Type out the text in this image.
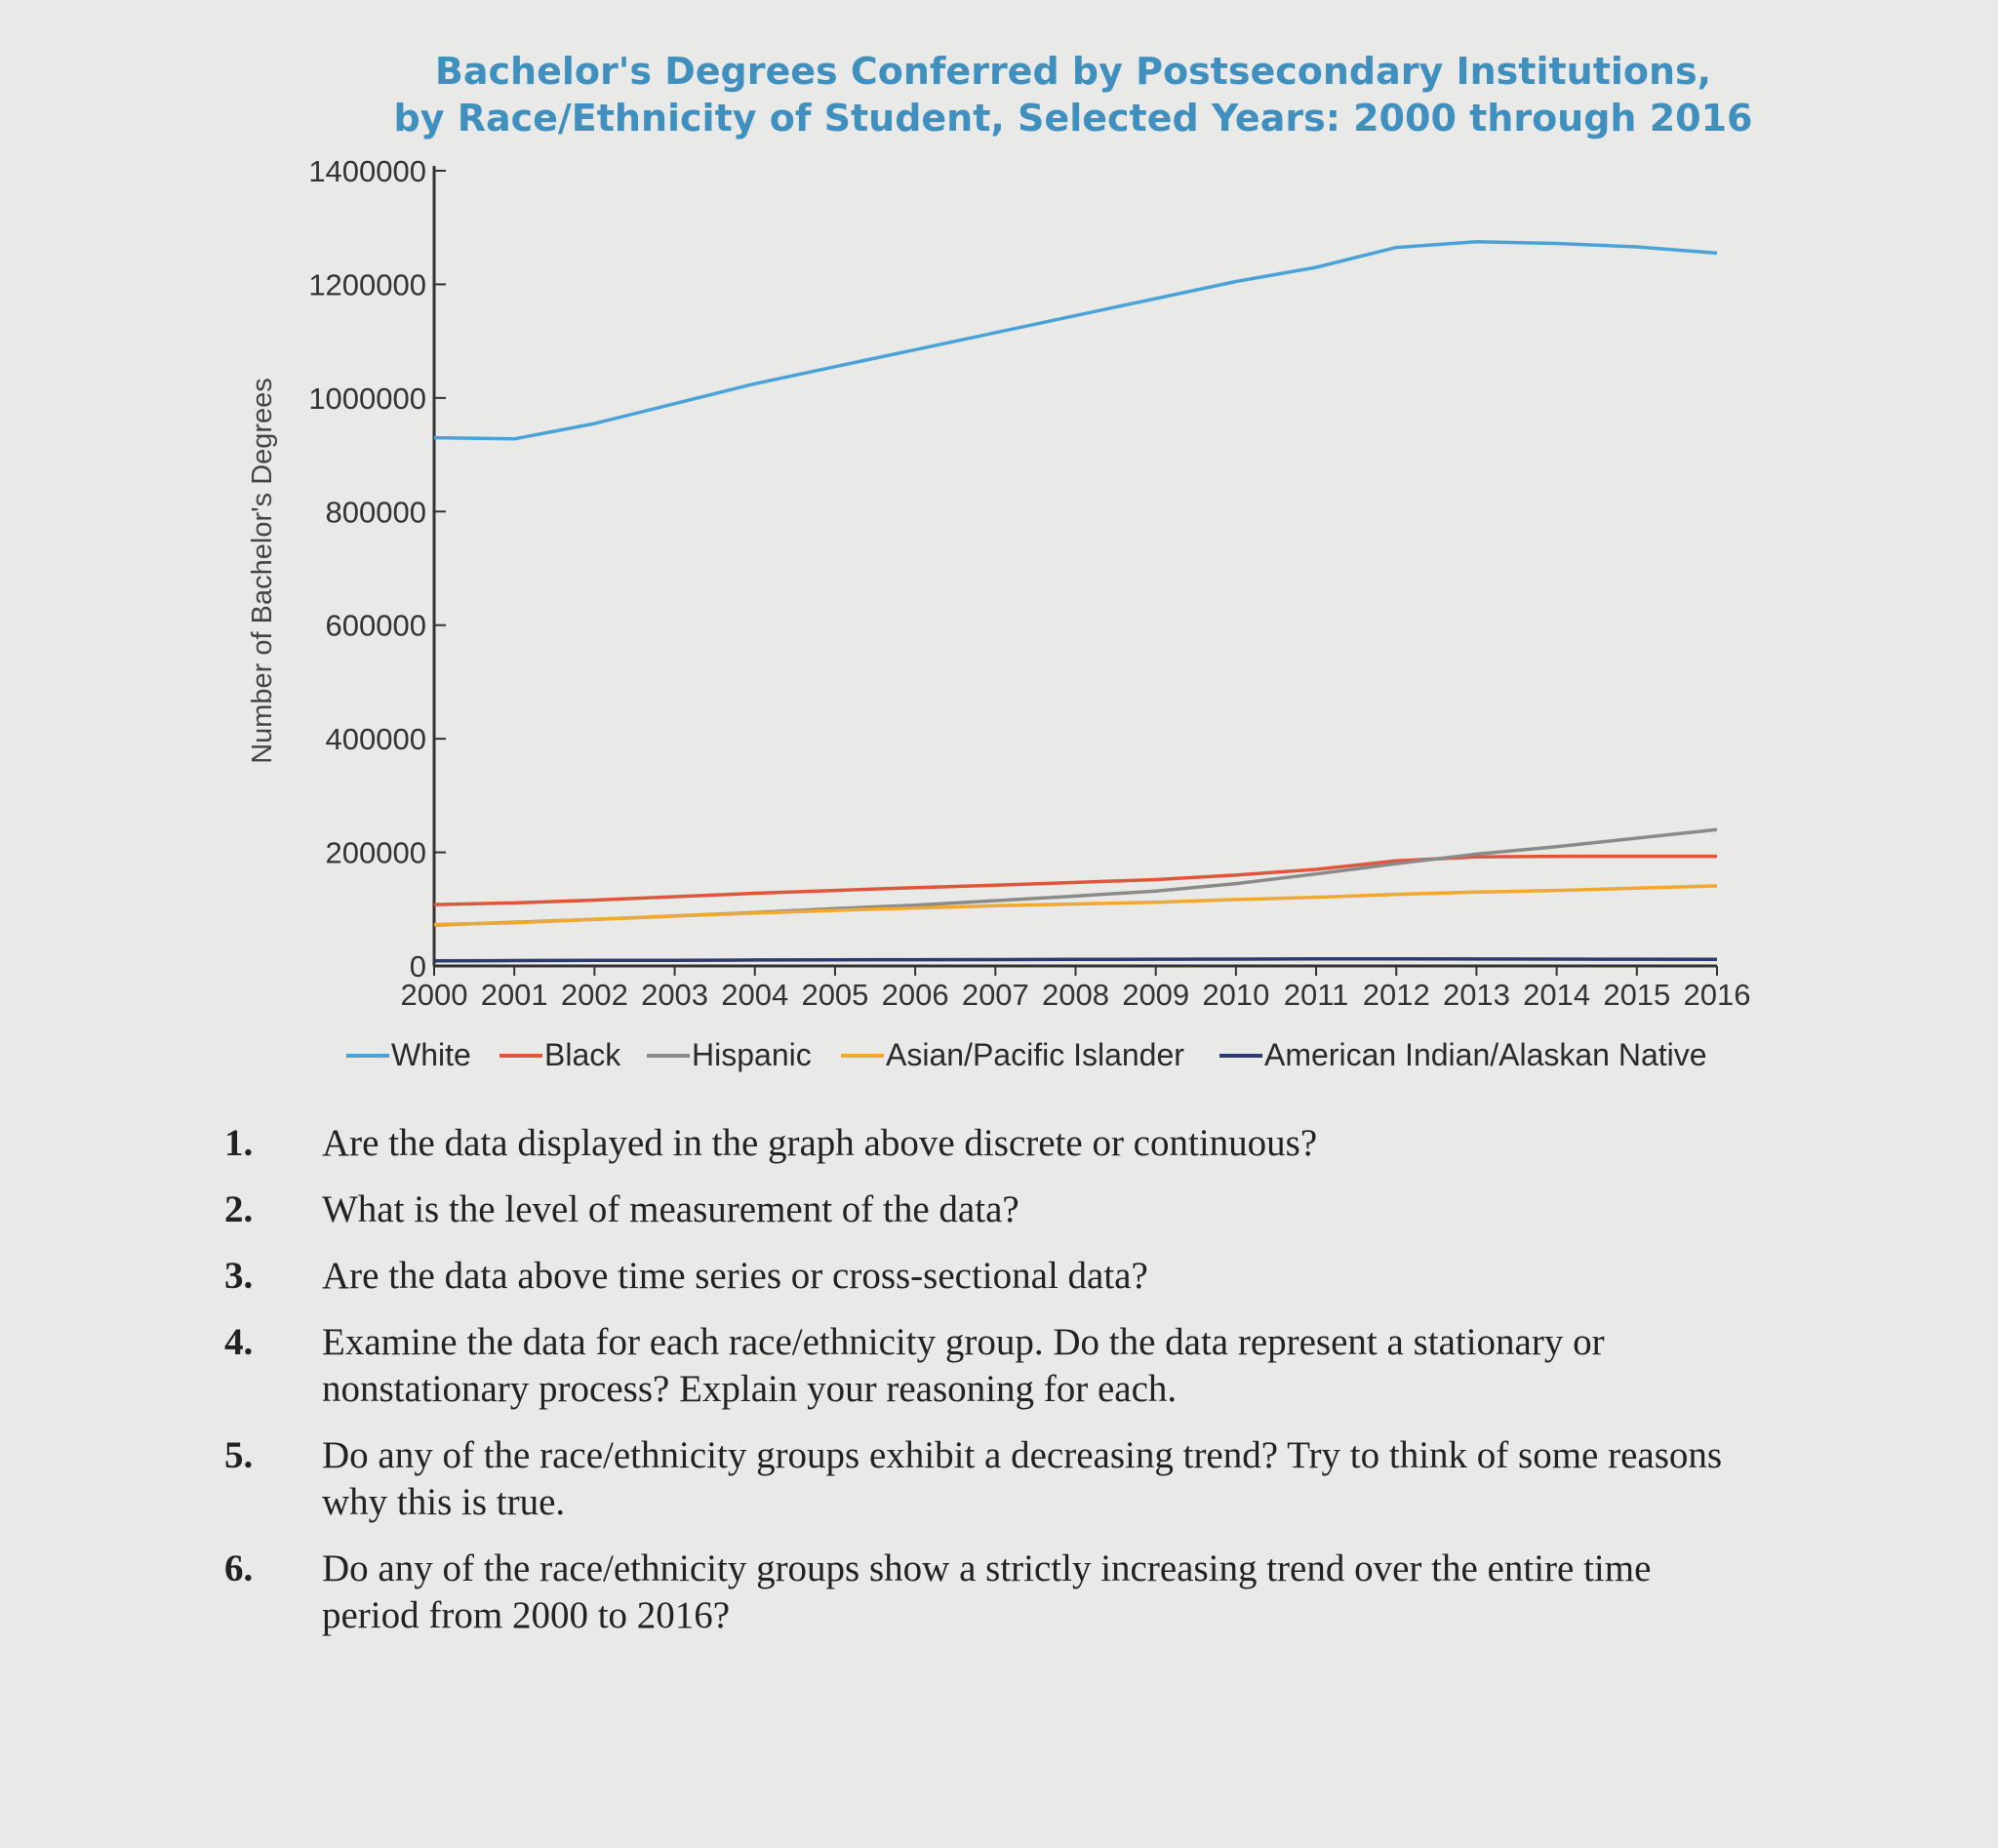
Bachelor's Degrees Conferred by Postsecondary Institutions,
by Race/Ethnicity of Student, Selected Years: 2000 through 2016
0
200000
400000
600000
800000
1000000
1200000
1400000
2000 2001 2002 2003 2004 2005 2006 2007 2008 2009 2010 2011 2012 2013 2014 2015 2016
White Black Hispanic Asian/Pacific Islander	American Indian/Alaskan Native
Number of Bachelor's Degrees
1. Are the data displayed in the graph above discrete or continuous?
2. What is the level of measurement of the data?
3. Are the data above time series or cross-sectional data?
4. Examine the data for each race/ethnicity group. Do the data represent a stationary or nonstationary process? Explain your reasoning for each.
5. Do any of the race/ethnicity groups exhibit a decreasing trend? Try to think of some reasons why this is true.
6. Do any of the race/ethnicity groups show a strictly increasing trend over the entire time period from 2000 to 2016?
